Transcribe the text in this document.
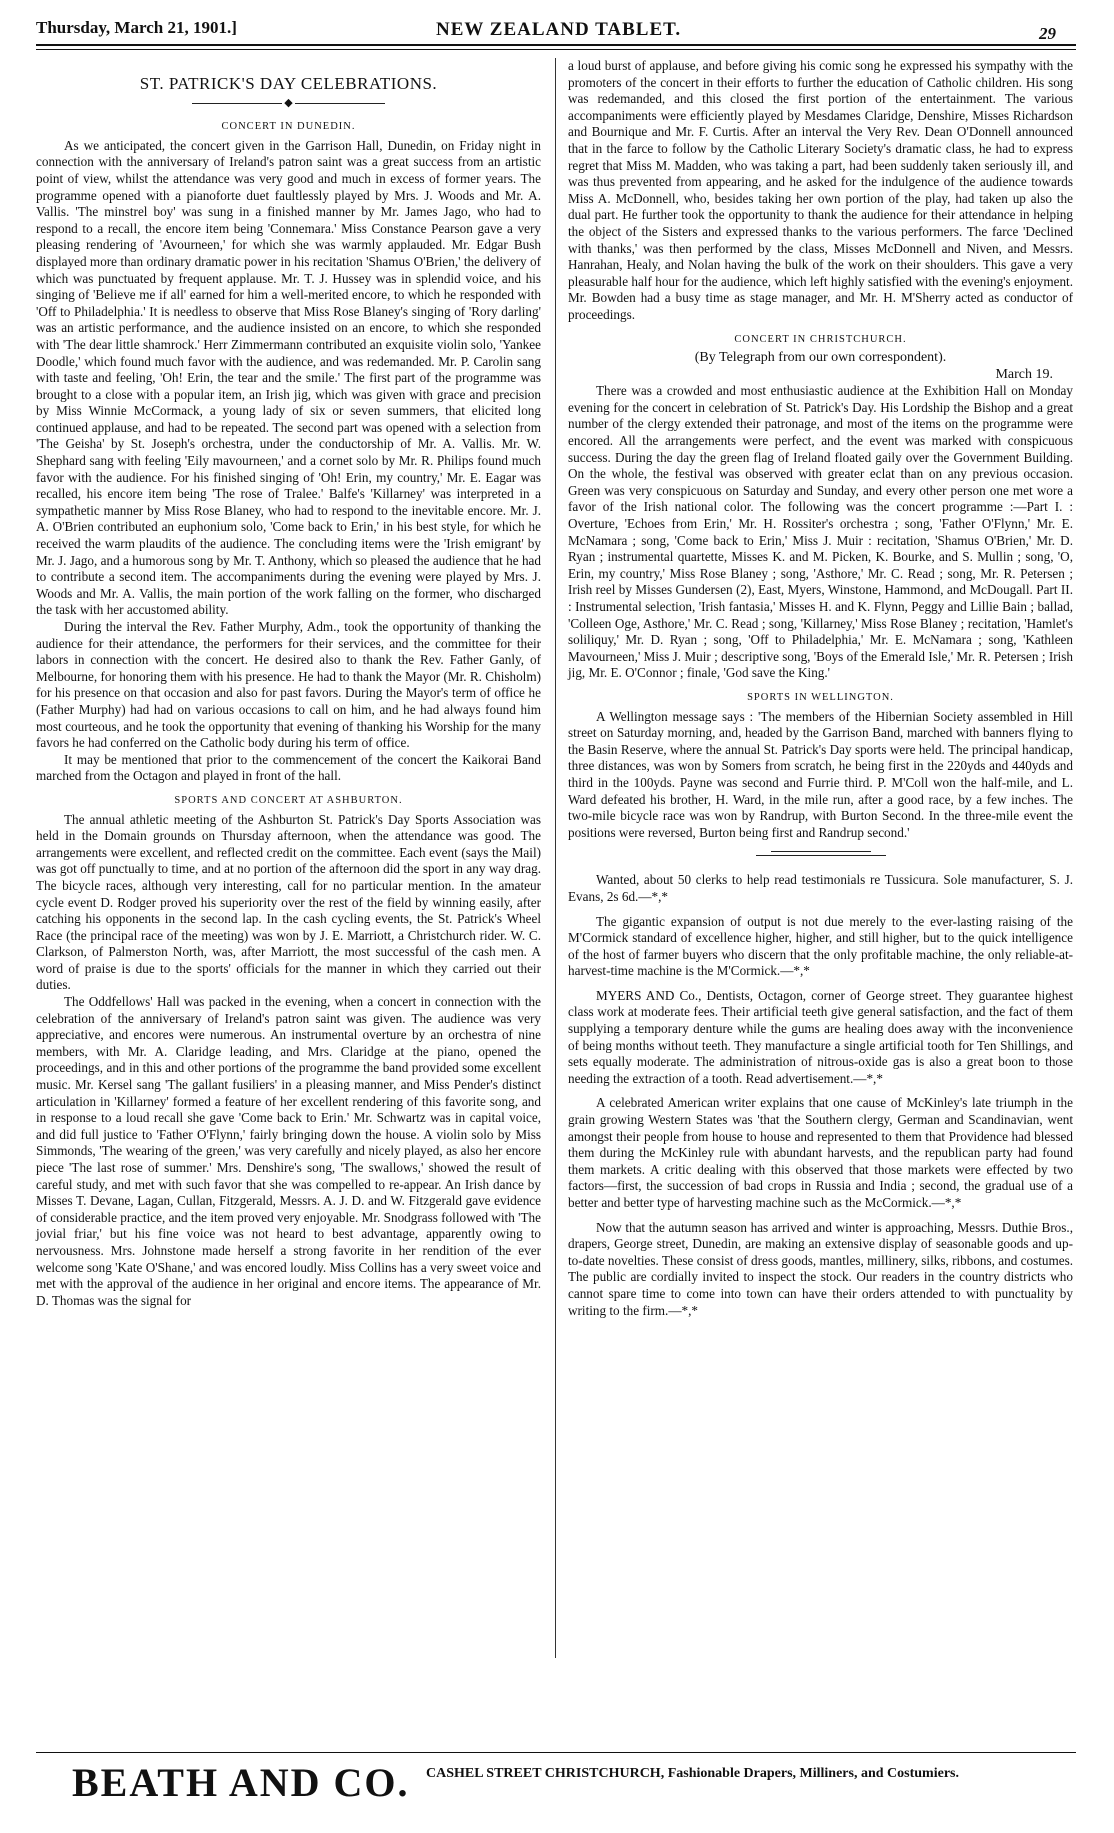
Thursday, March 21, 1901.]	NEW ZEALAND TABLET.	29
ST. PATRICK'S DAY CELEBRATIONS.
◆
CONCERT IN DUNEDIN.

As we anticipated, the concert given in the Garrison Hall, Dunedin, on Friday night in connection with the anniversary of Ireland's patron saint was a great success from an artistic point of view, whilst the attendance was very good and much in excess of former years. The programme opened with a pianoforte duet faultlessly played by Mrs. J. Woods and Mr. A. Vallis. 'The minstrel boy' was sung in a finished manner by Mr. James Jago, who had to respond to a recall, the encore item being 'Connemara.' Miss Constance Pearson gave a very pleasing rendering of 'Avourneen,' for which she was warmly applauded. Mr. Edgar Bush displayed more than ordinary dramatic power in his recitation 'Shamus O'Brien,' the delivery of which was punctuated by frequent applause. Mr. T. J. Hussey was in splendid voice, and his singing of 'Believe me if all' earned for him a well-merited encore, to which he responded with 'Off to Philadelphia.' It is needless to observe that Miss Rose Blaney's singing of 'Rory darling' was an artistic performance, and the audience insisted on an encore, to which she responded with 'The dear little shamrock.' Herr Zimmermann contributed an exquisite violin solo, 'Yankee Doodle,' which found much favor with the audience, and was redemanded. Mr. P. Carolin sang with taste and feeling, 'Oh! Erin, the tear and the smile.' The first part of the programme was brought to a close with a popular item, an Irish jig, which was given with grace and precision by Miss Winnie McCormack, a young lady of six or seven summers, that elicited long continued applause, and had to be repeated. The second part was opened with a selection from 'The Geisha' by St. Joseph's orchestra, under the conductorship of Mr. A. Vallis. Mr. W. Shephard sang with feeling 'Eily mavourneen,' and a cornet solo by Mr. R. Philips found much favor with the audience. For his finished singing of 'Oh! Erin, my country,' Mr. E. Eagar was recalled, his encore item being 'The rose of Tralee.' Balfe's 'Killarney' was interpreted in a sympathetic manner by Miss Rose Blaney, who had to respond to the inevitable encore. Mr. J. A. O'Brien contributed an euphonium solo, 'Come back to Erin,' in his best style, for which he received the warm plaudits of the audience. The concluding items were the 'Irish emigrant' by Mr. J. Jago, and a humorous song by Mr. T. Anthony, which so pleased the audience that he had to contribute a second item. The accompaniments during the evening were played by Mrs. J. Woods and Mr. A. Vallis, the main portion of the work falling on the former, who discharged the task with her accustomed ability.

During the interval the Rev. Father Murphy, Adm., took the opportunity of thanking the audience for their attendance, the performers for their services, and the committee for their labors in connection with the concert. He desired also to thank the Rev. Father Ganly, of Melbourne, for honoring them with his presence. He had to thank the Mayor (Mr. R. Chisholm) for his presence on that occasion and also for past favors. During the Mayor's term of office he (Father Murphy) had had on various occasions to call on him, and he had always found him most courteous, and he took the opportunity that evening of thanking his Worship for the many favors he had conferred on the Catholic body during his term of office.

It may be mentioned that prior to the commencement of the concert the Kaikorai Band marched from the Octagon and played in front of the hall.

SPORTS AND CONCERT AT ASHBURTON.

The annual athletic meeting of the Ashburton St. Patrick's Day Sports Association was held in the Domain grounds on Thursday afternoon, when the attendance was good. The arrangements were excellent, and reflected credit on the committee. Each event (says the Mail) was got off punctually to time, and at no portion of the afternoon did the sport in any way drag. The bicycle races, although very interesting, call for no particular mention. In the amateur cycle event D. Rodger proved his superiority over the rest of the field by winning easily, after catching his opponents in the second lap. In the cash cycling events, the St. Patrick's Wheel Race (the principal race of the meeting) was won by J. E. Marriott, a Christchurch rider. W. C. Clarkson, of Palmerston North, was, after Marriott, the most successful of the cash men. A word of praise is due to the sports' officials for the manner in which they carried out their duties.

The Oddfellows' Hall was packed in the evening, when a concert in connection with the celebration of the anniversary of Ireland's patron saint was given. The audience was very appreciative, and encores were numerous. An instrumental overture by an orchestra of nine members, with Mr. A. Claridge leading, and Mrs. Claridge at the piano, opened the proceedings, and in this and other portions of the programme the band provided some excellent music. Mr. Kersel sang 'The gallant fusiliers' in a pleasing manner, and Miss Pender's distinct articulation in 'Killarney' formed a feature of her excellent rendering of this favorite song, and in response to a loud recall she gave 'Come back to Erin.' Mr. Schwartz was in capital voice, and did full justice to 'Father O'Flynn,' fairly bringing down the house. A violin solo by Miss Simmonds, 'The wearing of the green,' was very carefully and nicely played, as also her encore piece 'The last rose of summer.' Mrs. Denshire's song, 'The swallows,' showed the result of careful study, and met with such favor that she was compelled to re-appear. An Irish dance by Misses T. Devane, Lagan, Cullan, Fitzgerald, Messrs. A. J. D. and W. Fitzgerald gave evidence of considerable practice, and the item proved very enjoyable. Mr. Snodgrass followed with 'The jovial friar,' but his fine voice was not heard to best advantage, apparently owing to nervousness. Mrs. Johnstone made herself a strong favorite in her rendition of the ever welcome song 'Kate O'Shane,' and was encored loudly. Miss Collins has a very sweet voice and met with the approval of the audience in her original and encore items. The appearance of Mr. D. Thomas was the signal for

a loud burst of applause, and before giving his comic song he expressed his sympathy with the promoters of the concert in their efforts to further the education of Catholic children. His song was redemanded, and this closed the first portion of the entertainment. The various accompaniments were efficiently played by Mesdames Claridge, Denshire, Misses Richardson and Bournique and Mr. F. Curtis. After an interval the Very Rev. Dean O'Donnell announced that in the farce to follow by the Catholic Literary Society's dramatic class, he had to express regret that Miss M. Madden, who was taking a part, had been suddenly taken seriously ill, and was thus prevented from appearing, and he asked for the indulgence of the audience towards Miss A. McDonnell, who, besides taking her own portion of the play, had taken up also the dual part. He further took the opportunity to thank the audience for their attendance in helping the object of the Sisters and expressed thanks to the various performers. The farce 'Declined with thanks,' was then performed by the class, Misses McDonnell and Niven, and Messrs. Hanrahan, Healy, and Nolan having the bulk of the work on their shoulders. This gave a very pleasurable half hour for the audience, which left highly satisfied with the evening's enjoyment. Mr. Bowden had a busy time as stage manager, and Mr. H. M'Sherry acted as conductor of proceedings.

CONCERT IN CHRISTCHURCH.
(By Telegraph from our own correspondent).
March 19.

There was a crowded and most enthusiastic audience at the Exhibition Hall on Monday evening for the concert in celebration of St. Patrick's Day. His Lordship the Bishop and a great number of the clergy extended their patronage, and most of the items on the programme were encored. All the arrangements were perfect, and the event was marked with conspicuous success. During the day the green flag of Ireland floated gaily over the Government Building. On the whole, the festival was observed with greater eclat than on any previous occasion. Green was very conspicuous on Saturday and Sunday, and every other person one met wore a favor of the Irish national color. The following was the concert programme :—Part I. : Overture, 'Echoes from Erin,' Mr. H. Rossiter's orchestra ; song, 'Father O'Flynn,' Mr. E. McNamara ; song, 'Come back to Erin,' Miss J. Muir : recitation, 'Shamus O'Brien,' Mr. D. Ryan ; instrumental quartette, Misses K. and M. Picken, K. Bourke, and S. Mullin ; song, 'O, Erin, my country,' Miss Rose Blaney ; song, 'Asthore,' Mr. C. Read ; song, Mr. R. Petersen ; Irish reel by Misses Gundersen (2), East, Myers, Winstone, Hammond, and McDougall. Part II. : Instrumental selection, 'Irish fantasia,' Misses H. and K. Flynn, Peggy and Lillie Bain ; ballad, 'Colleen Oge, Asthore,' Mr. C. Read ; song, 'Killarney,' Miss Rose Blaney ; recitation, 'Hamlet's soliliquy,' Mr. D. Ryan ; song, 'Off to Philadelphia,' Mr. E. McNamara ; song, 'Kathleen Mavourneen,' Miss J. Muir ; descriptive song, 'Boys of the Emerald Isle,' Mr. R. Petersen ; Irish jig, Mr. E. O'Connor ; finale, 'God save the King.'

SPORTS IN WELLINGTON.

A Wellington message says : 'The members of the Hibernian Society assembled in Hill street on Saturday morning, and, headed by the Garrison Band, marched with banners flying to the Basin Reserve, where the annual St. Patrick's Day sports were held. The principal handicap, three distances, was won by Somers from scratch, he being first in the 220yds and 440yds and third in the 100yds. Payne was second and Furrie third. P. M'Coll won the half-mile, and L. Ward defeated his brother, H. Ward, in the mile run, after a good race, by a few inches. The two-mile bicycle race was won by Randrup, with Burton Second. In the three-mile event the positions were reversed, Burton being first and Randrup second.'

Wanted, about 50 clerks to help read testimonials re Tussicura. Sole manufacturer, S. J. Evans, 2s 6d.—*,*

The gigantic expansion of output is not due merely to the ever-lasting raising of the M'Cormick standard of excellence higher, higher, and still higher, but to the quick intelligence of the host of farmer buyers who discern that the only profitable machine, the only reliable-at-harvest-time machine is the M'Cormick.—*,*

MYERS AND Co., Dentists, Octagon, corner of George street. They guarantee highest class work at moderate fees. Their artificial teeth give general satisfaction, and the fact of them supplying a temporary denture while the gums are healing does away with the inconvenience of being months without teeth. They manufacture a single artificial tooth for Ten Shillings, and sets equally moderate. The administration of nitrous-oxide gas is also a great boon to those needing the extraction of a tooth. Read advertisement.—*,*

A celebrated American writer explains that one cause of McKinley's late triumph in the grain growing Western States was 'that the Southern clergy, German and Scandinavian, went amongst their people from house to house and represented to them that Providence had blessed them during the McKinley rule with abundant harvests, and the republican party had found them markets. A critic dealing with this observed that those markets were effected by two factors—first, the succession of bad crops in Russia and India ; second, the gradual use of a better and better type of harvesting machine such as the McCormick.—*,*

Now that the autumn season has arrived and winter is approaching, Messrs. Duthie Bros., drapers, George street, Dunedin, are making an extensive display of seasonable goods and up-to-date novelties. These consist of dress goods, mantles, millinery, silks, ribbons, and costumes. The public are cordially invited to inspect the stock. Our readers in the country districts who cannot spare time to come into town can have their orders attended to with punctuality by writing to the firm.—*,*

BEATH AND CO. CASHEL STREET CHRISTCHURCH, Fashionable Drapers, Milliners, and Costumiers.
